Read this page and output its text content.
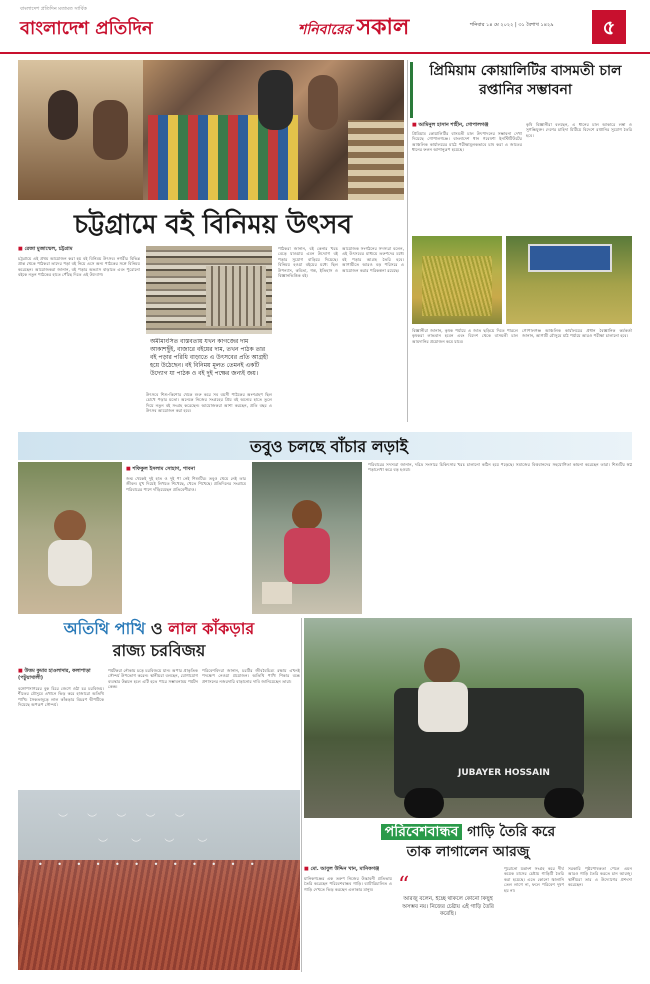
বাংলাদেশ প্রতিদিন মতামত সার্বিক
বাংলাদেশ প্রতিদিন	শনিবারের সকাল	শনিবার ১৪ মে ২০২২ | ৩১ বৈশাখ ১৪২৯	৫
চট্টগ্রামে বই বিনিময় উৎসব
■ রেজা মুজাম্মেল, চট্টগ্রাম
চট্টগ্রামে এই প্রথম আয়োজন করা হয় বই বিনিময় উৎসব। নগরীর বিভিন্ন প্রান্ত থেকে পাঠকরা তাদের পড়া বই নিয়ে এসে অন্য পাঠকের সঙ্গে বিনিময় করেছেন। আয়োজকরা জানান, বই পড়ার অভ্যাস বাড়াতে এবং পুরোনো বইকে নতুন পাঠকের হাতে পৌঁছে দিতে এই উদ্যোগ।
অমীমাংসিত বাস্তবতায় যখন কাগজের দাম আকাশছুঁই, বাজারে বইয়ের দাম, তখন পাঠক তার বই পড়ার পরিধি বাড়াতে এ উৎসবের প্রতি আগ্রহী হয়ে উঠেছেন। বই বিনিময় মূলত তেমনই একটি উদ্যোগ যা পাঠক ও বই দুই পক্ষের জন্যই জয়।
উৎসবে শিশু-কিশোর থেকে শুরু করে সব বয়সী পাঠকের অংশগ্রহণ ছিল চোখে পড়ার মতো। অনেকে নিজের সংগ্রহের প্রিয় বই অন্যের হাতে তুলে দিয়ে নতুন বই সংগ্রহ করেছেন। আয়োজকরা আশা করছেন, প্রতি বছর এ উৎসব আয়োজন করা হবে।
পাঠকরা জানান, বই কেনার খরচ বেড়ে যাওয়ায় এমন উদ্যোগ বই পড়ার সুযোগ বাড়িয়ে দিয়েছে। বিনিময় হওয়া বইয়ের মধ্যে ছিল উপন্যাস, কবিতা, গল্প, ইতিহাস ও বিজ্ঞানভিত্তিক বই।
আয়োজক সংগঠনের সদস্যরা বলেন, এই উৎসবের মাধ্যমে তরুণদের মধ্যে বই পড়ার আগ্রহ তৈরি হবে। আগামীতে আরও বড় পরিসরে এ আয়োজন করার পরিকল্পনা রয়েছে।
প্রিমিয়াম কোয়ালিটির বাসমতী চাল রপ্তানির সম্ভাবনা
■ আমিনুল হাসান শাহীন, গোপালগঞ্জ
প্রিমিয়াম কোয়ালিটির বাসমতী চাল উৎপাদনের সম্ভাবনা দেখা দিয়েছে গোপালগঞ্জে। বাংলাদেশ ধান গবেষণা ইনস্টিটিউটের আঞ্চলিক কার্যালয়ের মাঠে পরীক্ষামূলকভাবে চাষ করা এ জাতের ধানের ফলন আশানুরূপ হয়েছে।
কৃষি বিজ্ঞানীরা বলছেন, এ ধানের চাল আকারে লম্বা ও সুগন্ধিযুক্ত। দেশের চাহিদা মিটিয়ে বিদেশে রপ্তানির সুযোগ তৈরি হবে।
বিজ্ঞানীরা জানান, কৃষক পর্যায়ে এ জাত ছড়িয়ে দিতে পারলে কৃষকরা লাভবান হবেন এবং বিদেশ থেকে বাসমতী চাল আমদানির প্রয়োজন কমে যাবে।
গোপালগঞ্জ আঞ্চলিক কার্যালয়ের প্রধান বৈজ্ঞানিক কর্মকর্তা জানান, আগামী মৌসুমে মাঠ পর্যায়ে আরও পরীক্ষা চালানো হবে।
তবুও চলছে বাঁচার লড়াই
■ শফিকুল ইসলাম সোহাগ, পাবনা
জন্ম থেকেই দুই হাত ও দুই পা নেই শিশুটির। তবুও থেমে নেই তার জীবন। মুখ দিয়েই লিখতে শিখেছে, খেতে শিখেছে। প্রতিদিনের সংগ্রামে পরিবারের পাশে দাঁড়িয়েছেন প্রতিবেশীরাও।
পরিবারের সদস্যরা জানান, দরিদ্র সংসারে চিকিৎসার খরচ চালানো কঠিন হয়ে পড়েছে। সমাজের বিত্তবানদের সহযোগিতা কামনা করেছেন তারা। শিশুটির স্বপ্ন পড়ালেখা করে বড় হওয়া।
অতিথি পাখি ও লাল কাঁকড়ার
রাজ্য চরবিজয়
■ উত্তম কুমার হাওলাদার, কলাপাড়া (পটুয়াখালী)
বঙ্গোপসাগরের বুক চিরে জেগে ওঠা চর চরবিজয়। শীতের মৌসুমে এখানে ভিড় করে হাজারো অতিথি পাখি। সৈকতজুড়ে লাল কাঁকড়ার বিচরণ দ্বীপটিকে দিয়েছে অপরূপ সৌন্দর্য।
পর্যটকরা নৌকায় চড়ে চরবিজয়ে যান। অপার প্রাকৃতিক সৌন্দর্য উপভোগ করেন। স্থানীয়রা বলছেন, যোগাযোগ ব্যবস্থার উন্নয়ন হলে এটি হতে পারে সম্ভাবনাময় পর্যটন কেন্দ্র।
পরিবেশবিদরা জানান, চরটির জীববৈচিত্র্য রক্ষায় এখনই পদক্ষেপ নেওয়া প্রয়োজন। অতিথি পাখি শিকার বন্ধে প্রশাসনের নজরদারি বাড়ানোর দাবি জানিয়েছেন তারা।
︶ ︶ ︶ ︶ ︶
︶ ︶ ︶ ︶
• • • • • • • • • • • •
JUBAYER HOSSAIN
পরিবেশবান্ধব গাড়ি তৈরি করে
তাক লাগালেন আরজু
■ মো. আবুল উদ্দিন খান, মানিকগঞ্জ
মানিকগঞ্জের এক তরুণ নিজের উদ্ভাবনী প্রতিভায় তৈরি করেছেন পরিবেশবান্ধব গাড়ি। ব্যাটারিচালিত এ গাড়ি দেখতে ভিড় করছেন এলাকার মানুষ।	“
আরজু বলেন, ইচ্ছে থাকলে কোনো কিছুই অসম্ভব নয়। নিজের চেষ্টায় এই গাড়ি তৈরি করেছি।
পুরোনো যন্ত্রাংশ সংগ্রহ করে দীর্ঘ কয়েক মাসের চেষ্টায় গাড়িটি তৈরি করা হয়েছে। এতে কোনো জ্বালানি তেল লাগে না, ফলে পরিবেশ দূষণ হয় না।
সরকারি পৃষ্ঠপোষকতা পেলে এমন আরও গাড়ি তৈরি করতে চান আরজু। স্থানীয়রা তার এ উদ্যোগের প্রশংসা করেছেন।
